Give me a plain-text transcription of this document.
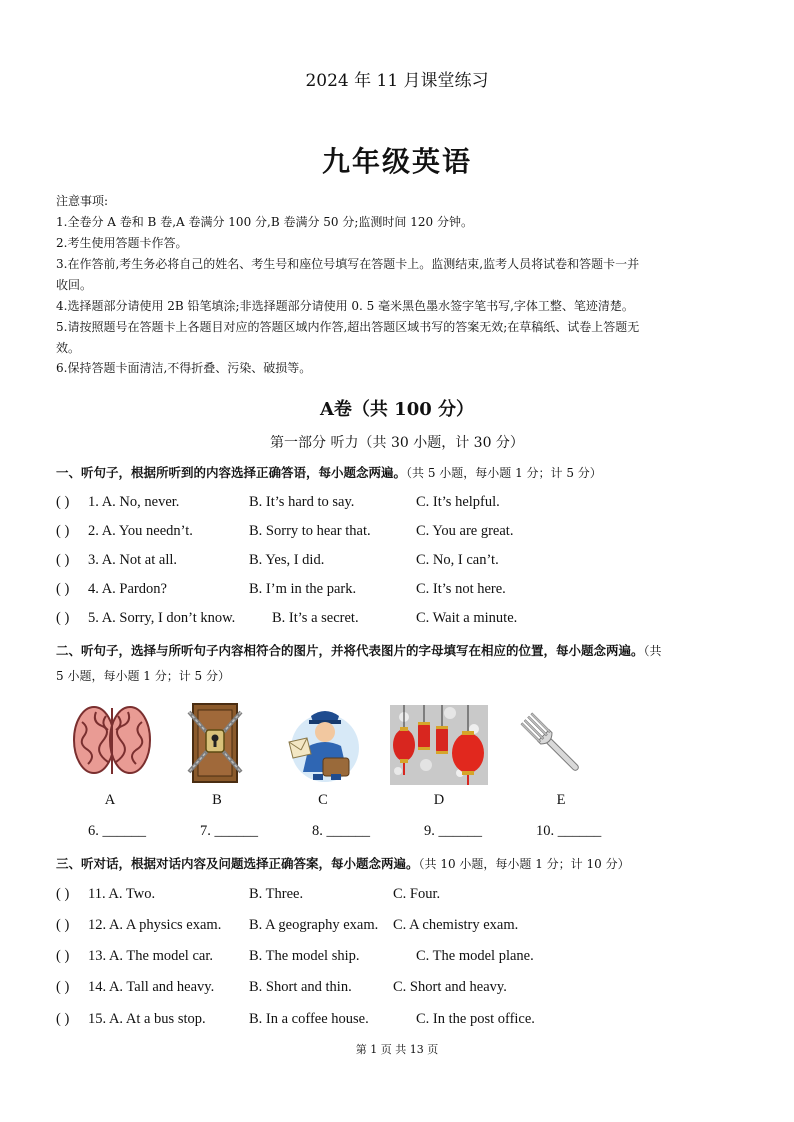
2024 年 11 月课堂练习
九年级英语
注意事项:
1.全卷分 A 卷和 B 卷,A 卷满分 100 分,B 卷满分 50 分;监测时间 120 分钟。
2.考生使用答题卡作答。
3.在作答前,考生务必将自己的姓名、考生号和座位号填写在答题卡上。监测结束,监考人员将试卷和答题卡一并
收回。
4.选择题部分请使用 2B 铅笔填涂;非选择题部分请使用 0. 5 毫米黑色墨水签字笔书写,字体工整、笔迹清楚。
5.请按照题号在答题卡上各题目对应的答题区域内作答,超出答题区域书写的答案无效;在草稿纸、试卷上答题无
效。
6.保持答题卡面清洁,不得折叠、污染、破损等。
A卷（共 100 分）
第一部分 听力（共 30 小题，计 30 分）
一、听句子，根据所听到的内容选择正确答语，每小题念两遍。（共 5 小题，每小题 1 分；计 5 分）
( ) 1. A. No, never.	B. It’s hard to say.	C. It’s helpful.
( ) 2. A. You needn’t.	B. Sorry to hear that.	C. You are great.
( ) 3. A. Not at all.	B. Yes, I did.	C. No, I can’t.
( ) 4. A. Pardon?	B. I’m in the park.	C. It’s not here.
( ) 5. A. Sorry, I don’t know.	B. It’s a secret.	C. Wait a minute.
二、听句子，选择与所听句子内容相符合的图片，并将代表图片的字母填写在相应的位置，每小题念两遍。（共
5 小题，每小题 1 分；计 5 分）
A	B	C	D	E
6. ______	7. ______	8. ______	9. ______	10. ______
三、听对话，根据对话内容及问题选择正确答案，每小题念两遍。（共 10 小题，每小题 1 分；计 10 分）
( ) 11. A. Two.	B. Three.	C. Four.
( ) 12. A. A physics exam. B. A geography exam. C. A chemistry exam.
( ) 13. A. The model car. B. The model ship.	C. The model plane.
( ) 14. A. Tall and heavy. B. Short and thin.	C. Short and heavy.
( ) 15. A. At a bus stop.	B. In a coffee house.	C. In the post office.
第 1 页 共 13 页
